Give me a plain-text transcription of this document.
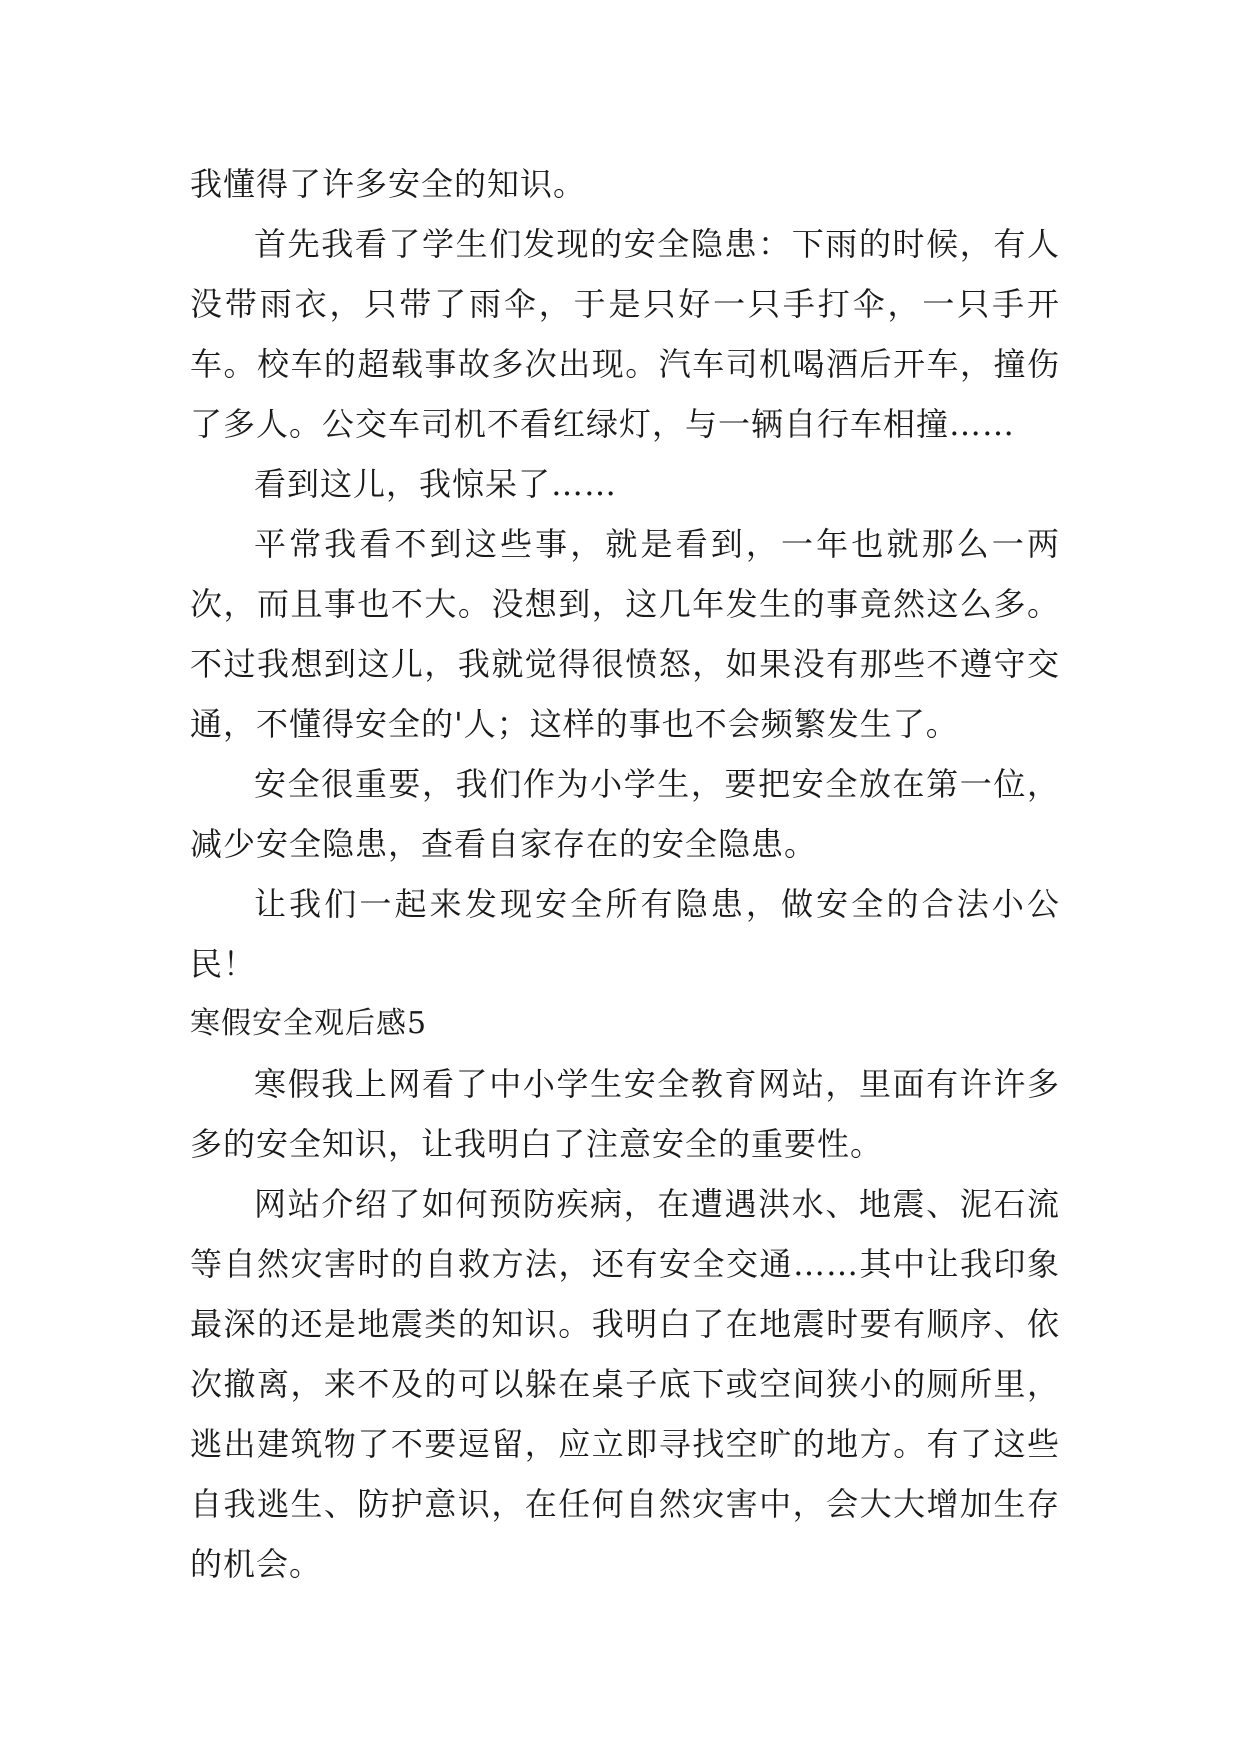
我懂得了许多安全的知识。

首先我看了学生们发现的安全隐患：下雨的时候，有人没带雨衣，只带了雨伞，于是只好一只手打伞，一只手开车。校车的超载事故多次出现。汽车司机喝酒后开车，撞伤了多人。公交车司机不看红绿灯，与一辆自行车相撞……

看到这儿，我惊呆了……

平常我看不到这些事，就是看到，一年也就那么一两次，而且事也不大。没想到，这几年发生的事竟然这么多。不过我想到这儿，我就觉得很愤怒，如果没有那些不遵守交通，不懂得安全的'人；这样的事也不会频繁发生了。

安全很重要，我们作为小学生，要把安全放在第一位，减少安全隐患，查看自家存在的安全隐患。

让我们一起来发现安全所有隐患，做安全的合法小公民！

寒假安全观后感5

寒假我上网看了中小学生安全教育网站，里面有许许多多的安全知识，让我明白了注意安全的重要性。

网站介绍了如何预防疾病，在遭遇洪水、地震、泥石流等自然灾害时的自救方法，还有安全交通……其中让我印象最深的还是地震类的知识。我明白了在地震时要有顺序、依次撤离，来不及的可以躲在桌子底下或空间狭小的厕所里，逃出建筑物了不要逗留，应立即寻找空旷的地方。有了这些自我逃生、防护意识，在任何自然灾害中，会大大增加生存的机会。
